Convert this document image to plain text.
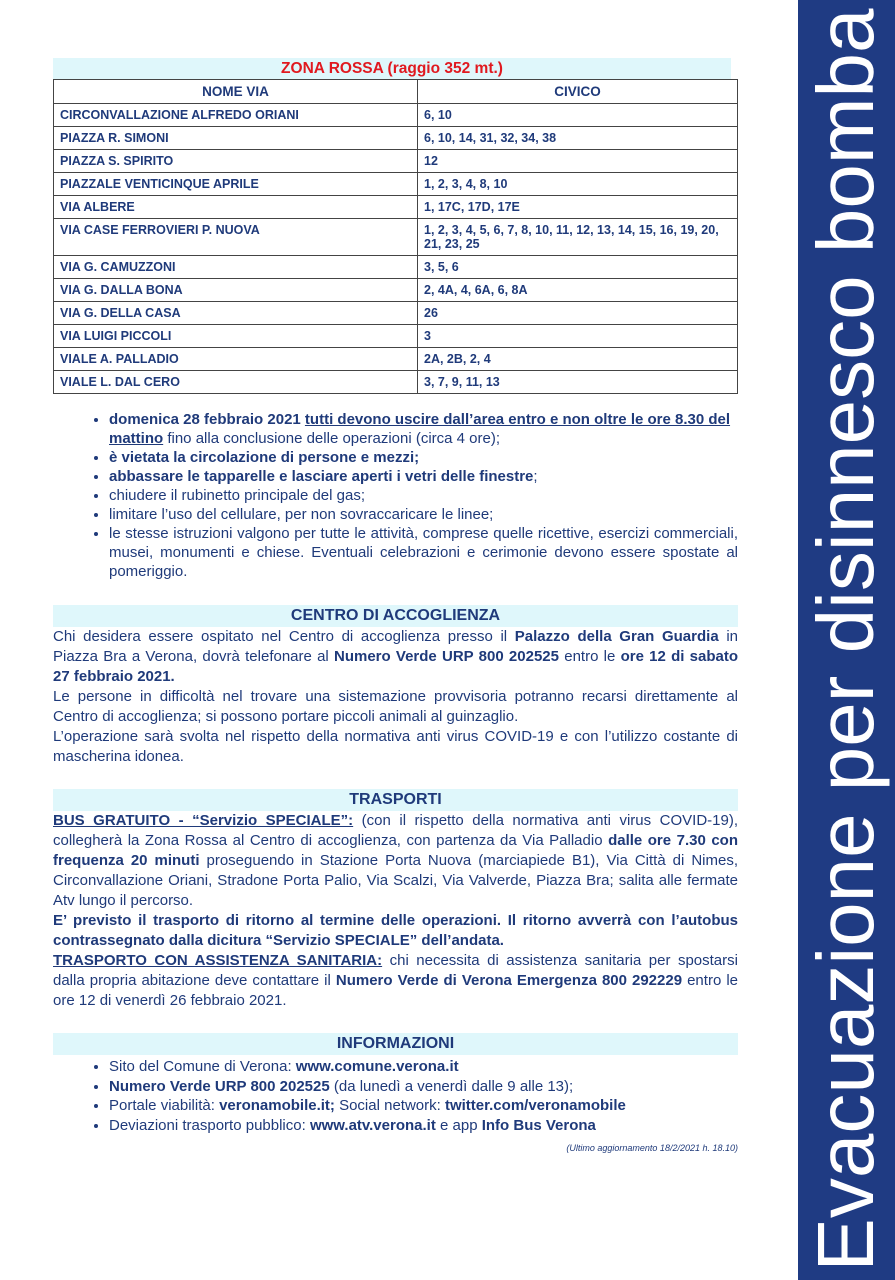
Evacuazione per disinnesco bomba
ZONA ROSSA (raggio 352 mt.)
NOME VIA	CIVICO
CIRCONVALLAZIONE ALFREDO ORIANI	6, 10
PIAZZA R. SIMONI	6, 10, 14, 31, 32, 34, 38
PIAZZA S. SPIRITO	12
PIAZZALE VENTICINQUE APRILE	1, 2, 3, 4, 8, 10
VIA ALBERE	1, 17C, 17D, 17E
VIA CASE FERROVIERI P. NUOVA	1, 2, 3, 4, 5, 6, 7, 8, 10, 11, 12, 13, 14, 15, 16, 19, 20, 21, 23, 25
VIA G. CAMUZZONI	3, 5, 6
VIA G. DALLA BONA	2, 4A, 4, 6A, 6, 8A
VIA G. DELLA CASA	26
VIA LUIGI PICCOLI	3
VIALE A. PALLADIO	2A, 2B, 2, 4
VIALE L. DAL CERO	3, 7, 9, 11, 13
• domenica 28 febbraio 2021 tutti devono uscire dall’area entro e non oltre le ore 8.30 del mattino fino alla conclusione delle operazioni (circa 4 ore);
• è vietata la circolazione di persone e mezzi;
• abbassare le tapparelle e lasciare aperti i vetri delle finestre;
• chiudere il rubinetto principale del gas;
• limitare l’uso del cellulare, per non sovraccaricare le linee;
• le stesse istruzioni valgono per tutte le attività, comprese quelle ricettive, esercizi commerciali, musei, monumenti e chiese. Eventuali celebrazioni e cerimonie devono essere spostate al pomeriggio.
CENTRO DI ACCOGLIENZA
Chi desidera essere ospitato nel Centro di accoglienza presso il Palazzo della Gran Guardia in Piazza Bra a Verona, dovrà telefonare al Numero Verde URP 800 202525 entro le ore 12 di sabato 27 febbraio 2021.
Le persone in difficoltà nel trovare una sistemazione provvisoria potranno recarsi direttamente al Centro di accoglienza; si possono portare piccoli animali al guinzaglio.
L’operazione sarà svolta nel rispetto della normativa anti virus COVID-19 e con l’utilizzo costante di mascherina idonea.
TRASPORTI
BUS GRATUITO - “Servizio SPECIALE”: (con il rispetto della normativa anti virus COVID-19), collegherà la Zona Rossa al Centro di accoglienza, con partenza da Via Palladio dalle ore 7.30 con frequenza 20 minuti proseguendo in Stazione Porta Nuova (marciapiede B1), Via Città di Nimes, Circonvallazione Oriani, Stradone Porta Palio, Via Scalzi, Via Valverde, Piazza Bra; salita alle fermate Atv lungo il percorso.
E’ previsto il trasporto di ritorno al termine delle operazioni. Il ritorno avverrà con l’autobus contrassegnato dalla dicitura “Servizio SPECIALE” dell’andata.
TRASPORTO CON ASSISTENZA SANITARIA: chi necessita di assistenza sanitaria per spostarsi dalla propria abitazione deve contattare il Numero Verde di Verona Emergenza 800 292229 entro le ore 12 di venerdì 26 febbraio 2021.
INFORMAZIONI
• Sito del Comune di Verona: www.comune.verona.it
• Numero Verde URP 800 202525 (da lunedì a venerdì dalle 9 alle 13);
• Portale viabilità: veronamobile.it; Social network: twitter.com/veronamobile
• Deviazioni trasporto pubblico: www.atv.verona.it e app Info Bus Verona
(Ultimo aggiornamento 18/2/2021 h. 18.10)
